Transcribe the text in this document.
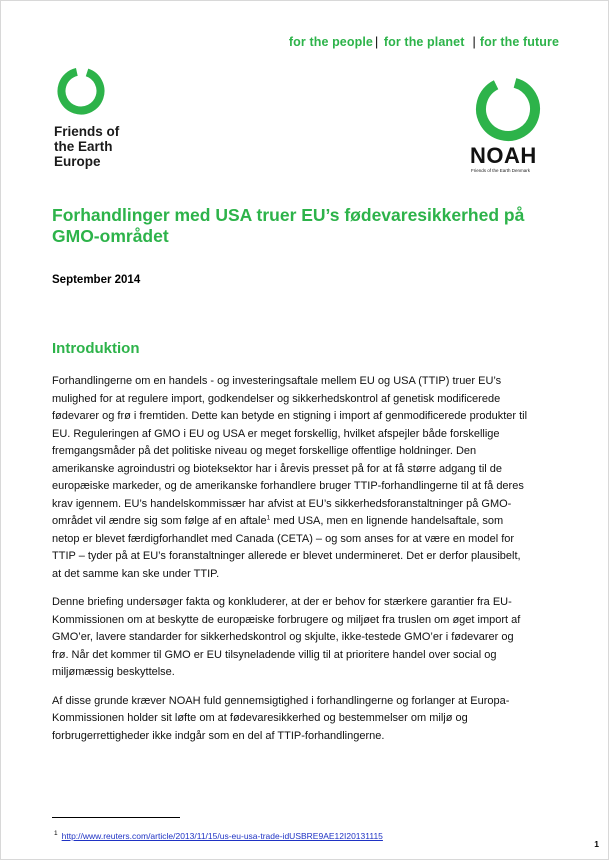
for the people | for the planet | for the future
Friends of
the Earth
Europe	NOAH
Friends of the Earth Denmark
Forhandlinger med USA truer EU’s fødevaresikkerhed på GMO-området
September 2014
Introduktion

Forhandlingerne om en handels - og investeringsaftale mellem EU og USA (TTIP) truer EU’s mulighed for at regulere import, godkendelser og sikkerhedskontrol af genetisk modificerede fødevarer og frø i fremtiden. Dette kan betyde en stigning i import af genmodificerede produkter til EU. Reguleringen af GMO i EU og USA er meget forskellig, hvilket afspejler både forskellige fremgangsmåder på det politiske niveau og meget forskellige offentlige holdninger. Den amerikanske agroindustri og bioteksektor har i årevis presset på for at få større adgang til de europæiske markeder, og de amerikanske forhandlere bruger TTIP-forhandlingerne til at få deres krav igennem. EU’s handelskommissær har afvist at EU’s sikkerhedsforanstaltninger på GMO-området vil ændre sig som følge af en aftale$^1$ med USA, men en lignende handelsaftale, som netop er blevet færdigforhandlet med Canada (CETA) – og som anses for at være en model for TTIP – tyder på at EU’s foranstaltninger allerede er blevet undermineret. Det er derfor plausibelt, at det samme kan ske under TTIP.

Denne briefing undersøger fakta og konkluderer, at der er behov for stærkere garantier fra EU-Kommissionen om at beskytte de europæiske forbrugere og miljøet fra truslen om øget import af GMO’er, lavere standarder for sikkerhedskontrol og skjulte, ikke-testede GMO’er i fødevarer og frø. Når det kommer til GMO er EU tilsyneladende villig til at prioritere handel over social og miljømæssig beskyttelse.

Af disse grunde kræver NOAH fuld gennemsigtighed i forhandlingerne og forlanger at Europa-Kommissionen holder sit løfte om at fødevaresikkerhed og bestemmelser om miljø og forbrugerrettigheder ikke indgår som en del af TTIP-forhandlingerne.

$^1$ http://www.reuters.com/article/2013/11/15/us-eu-usa-trade-idUSBRE9AE12I20131115
1
